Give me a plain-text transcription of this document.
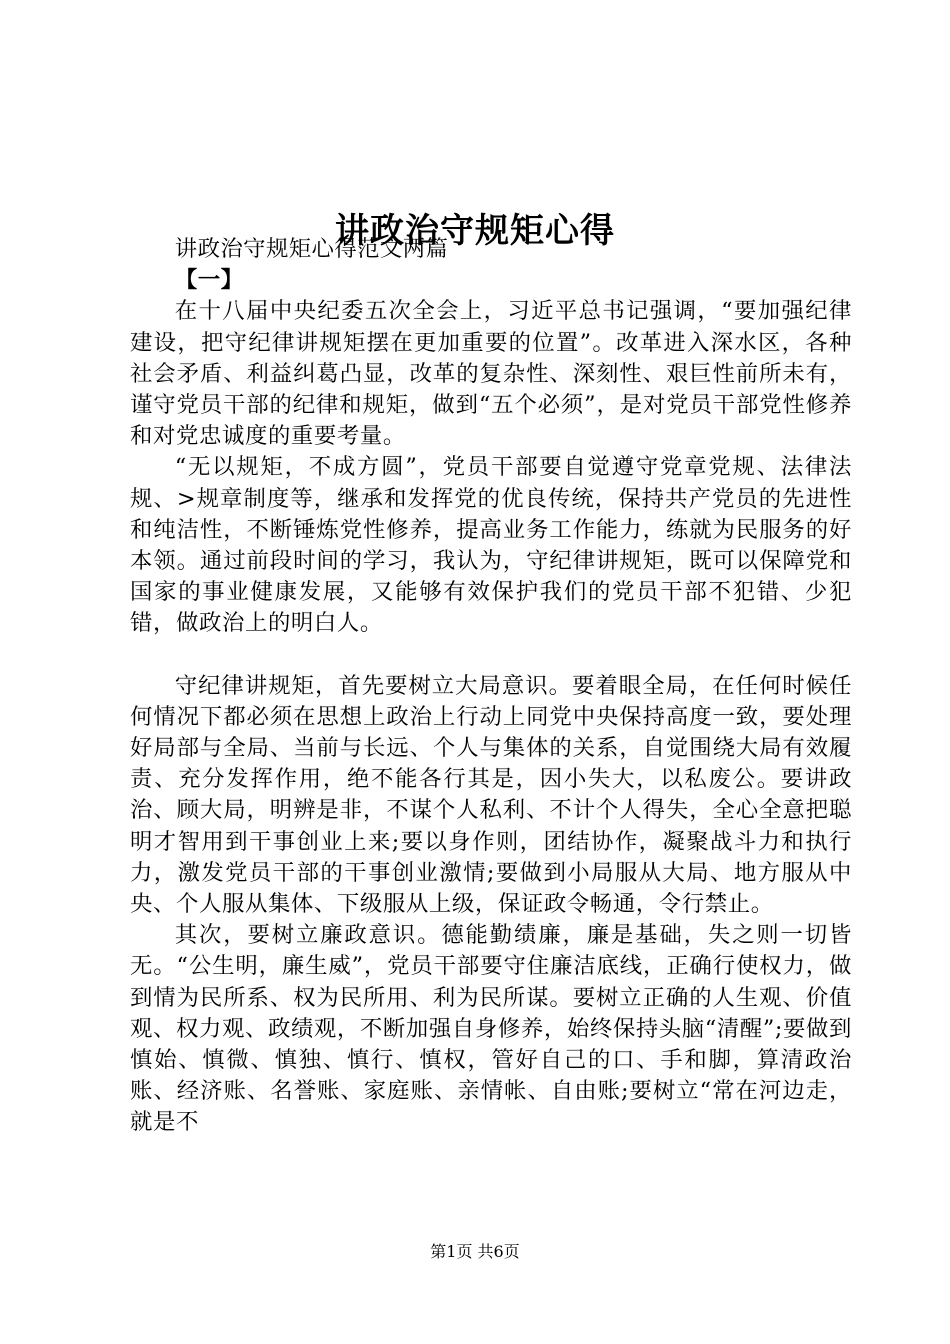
讲政治守规矩心得

讲政治守规矩心得范文两篇

【一】

在十八届中央纪委五次全会上，习近平总书记强调，“要加强纪律建设，把守纪律讲规矩摆在更加重要的位置”。改革进入深水区，各种社会矛盾、利益纠葛凸显，改革的复杂性、深刻性、艰巨性前所未有，谨守党员干部的纪律和规矩，做到“五个必须”，是对党员干部党性修养和对党忠诚度的重要考量。

“无以规矩，不成方圆”，党员干部要自觉遵守党章党规、法律法规、>规章制度等，继承和发挥党的优良传统，保持共产党员的先进性和纯洁性，不断锤炼党性修养，提高业务工作能力，练就为民服务的好本领。通过前段时间的学习，我认为，守纪律讲规矩，既可以保障党和国家的事业健康发展，又能够有效保护我们的党员干部不犯错、少犯错，做政治上的明白人。

守纪律讲规矩，首先要树立大局意识。要着眼全局，在任何时候任何情况下都必须在思想上政治上行动上同党中央保持高度一致，要处理好局部与全局、当前与长远、个人与集体的关系，自觉围绕大局有效履责、充分发挥作用，绝不能各行其是，因小失大，以私废公。要讲政治、顾大局，明辨是非，不谋个人私利、不计个人得失，全心全意把聪明才智用到干事创业上来;要以身作则，团结协作，凝聚战斗力和执行力，激发党员干部的干事创业激情;要做到小局服从大局、地方服从中央、个人服从集体、下级服从上级，保证政令畅通，令行禁止。

其次，要树立廉政意识。德能勤绩廉，廉是基础，失之则一切皆无。“公生明，廉生威”，党员干部要守住廉洁底线，正确行使权力，做到情为民所系、权为民所用、利为民所谋。要树立正确的人生观、价值观、权力观、政绩观，不断加强自身修养，始终保持头脑“清醒”;要做到慎始、慎微、慎独、慎行、慎权，管好自己的口、手和脚，算清政治账、经济账、名誉账、家庭账、亲情帐、自由账;要树立“常在河边走，就是不

第1页 共6页
